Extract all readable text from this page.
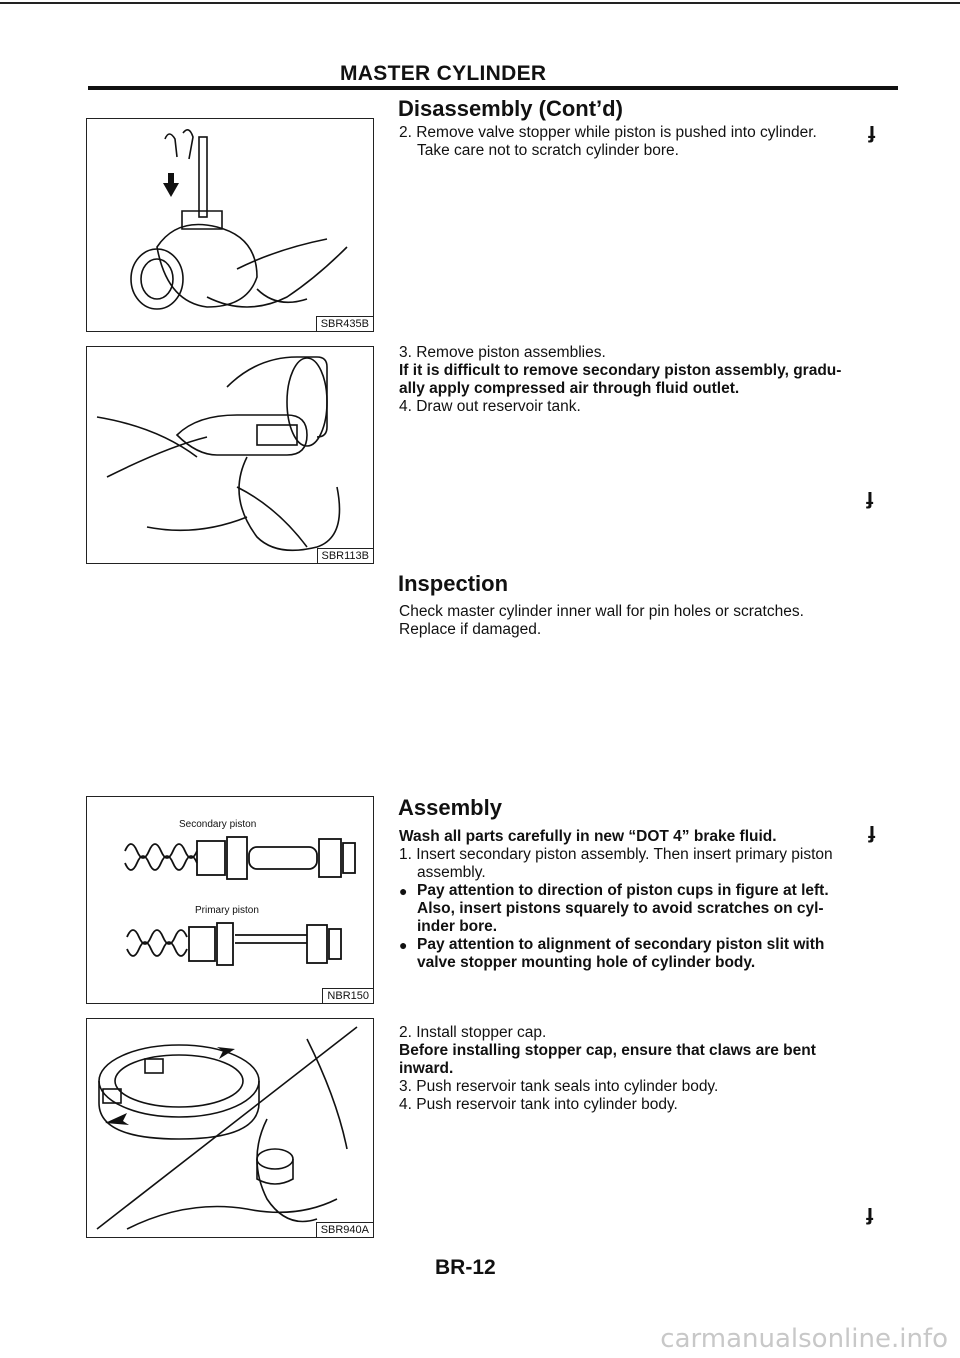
MASTER CYLINDER
Disassembly (Cont’d)

2. Remove valve stopper while piston is pushed into cylinder.

Take care not to scratch cylinder bore.

ɟ

3. Remove piston assemblies.

If it is difficult to remove secondary piston assembly, gradu-

ally apply compressed air through fluid outlet.

4. Draw out reservoir tank.

ɟ
Inspection

Check master cylinder inner wall for pin holes or scratches.

Replace if damaged.

Assembly

Wash all parts carefully in new “DOT 4” brake fluid.

1. Insert secondary piston assembly. Then insert primary piston

assembly.

● Pay attention to direction of piston cups in figure at left.
Also, insert pistons squarely to avoid scratches on cyl-
inder bore.
● Pay attention to alignment of secondary piston slit with
valve stopper mounting hole of cylinder body.
ɟ

2. Install stopper cap.

Before installing stopper cap, ensure that claws are bent

inward.

3. Push reservoir tank seals into cylinder body.

4. Push reservoir tank into cylinder body.

ɟ
SBR435B
SBR113B
Secondary piston
Primary piston
NBR150
SBR940A
BR-12
carmanualsonline.info
